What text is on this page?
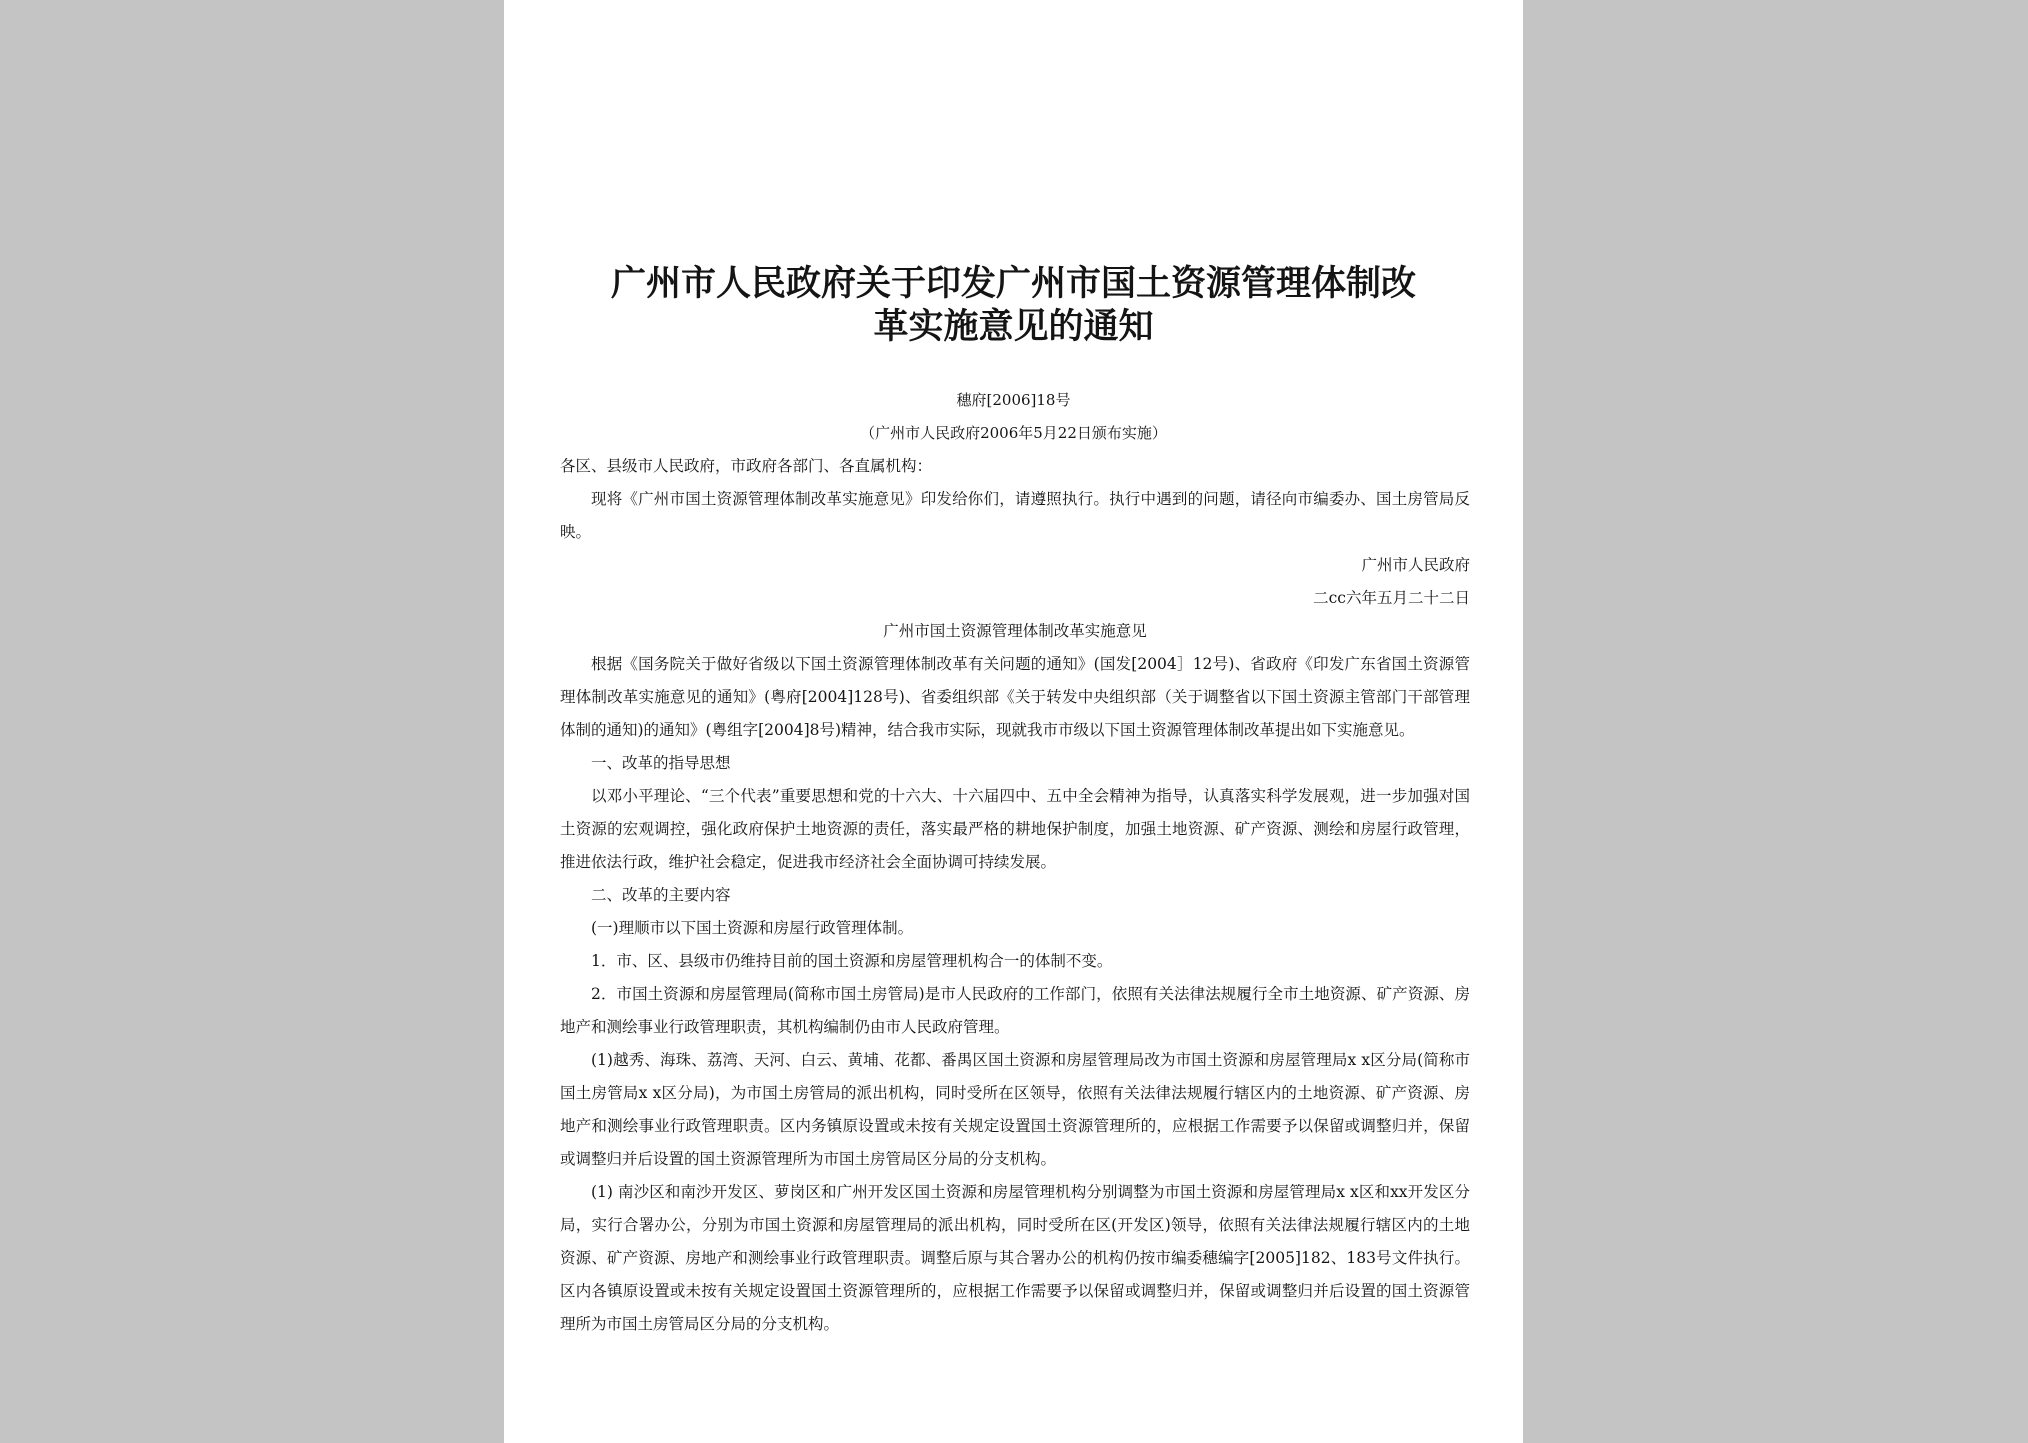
广州市人民政府关于印发广州市国土资源管理体制改革实施意见的通知
穗府[2006]18号
（广州市人民政府2006年5月22日颁布实施）

各区、县级市人民政府，市政府各部门、各直属机构：

现将《广州市国土资源管理体制改革实施意见》印发给你们，请遵照执行。执行中遇到的问题，请径向市编委办、国土房管局反映。

广州市人民政府

二cc六年五月二十二日

广州市国土资源管理体制改革实施意见

根据《国务院关于做好省级以下国土资源管理体制改革有关问题的通知》(国发[2004］12号)、省政府《印发广东省国土资源管理体制改革实施意见的通知》(粤府[2004]128号)、省委组织部《关于转发中央组织部（关于调整省以下国土资源主管部门干部管理体制的通知)的通知》(粤组字[2004]8号)精神，结合我市实际，现就我市市级以下国土资源管理体制改革提出如下实施意见。

一、改革的指导思想

以邓小平理论、“三个代表”重要思想和党的十六大、十六届四中、五中全会精神为指导，认真落实科学发展观，进一步加强对国土资源的宏观调控，强化政府保护土地资源的责任，落实最严格的耕地保护制度，加强土地资源、矿产资源、测绘和房屋行政管理，推进依法行政，维护社会稳定，促进我市经济社会全面协调可持续发展。

二、改革的主要内容

(一)理顺市以下国土资源和房屋行政管理体制。

1．市、区、县级市仍维持目前的国土资源和房屋管理机构合一的体制不变。

2．市国土资源和房屋管理局(简称市国土房管局)是市人民政府的工作部门，依照有关法律法规履行全市土地资源、矿产资源、房地产和测绘事业行政管理职责，其机构编制仍由市人民政府管理。

(1)越秀、海珠、荔湾、天河、白云、黄埔、花都、番禺区国土资源和房屋管理局改为市国土资源和房屋管理局x x区分局(简称市国土房管局x x区分局)，为市国土房管局的派出机构，同时受所在区领导，依照有关法律法规履行辖区内的土地资源、矿产资源、房地产和测绘事业行政管理职责。区内务镇原设置或未按有关规定设置国土资源管理所的，应根据工作需要予以保留或调整归并，保留或调整归并后设置的国土资源管理所为市国土房管局区分局的分支机构。

(1) 南沙区和南沙开发区、萝岗区和广州开发区国土资源和房屋管理机构分别调整为市国土资源和房屋管理局x x区和xx开发区分局，实行合署办公，分别为市国土资源和房屋管理局的派出机构，同时受所在区(开发区)领导，依照有关法律法规履行辖区内的土地资源、矿产资源、房地产和测绘事业行政管理职责。调整后原与其合署办公的机构仍按市编委穗编字[2005]182、183号文件执行。区内各镇原设置或未按有关规定设置国土资源管理所的，应根据工作需要予以保留或调整归并，保留或调整归并后设置的国土资源管理所为市国土房管局区分局的分支机构。
